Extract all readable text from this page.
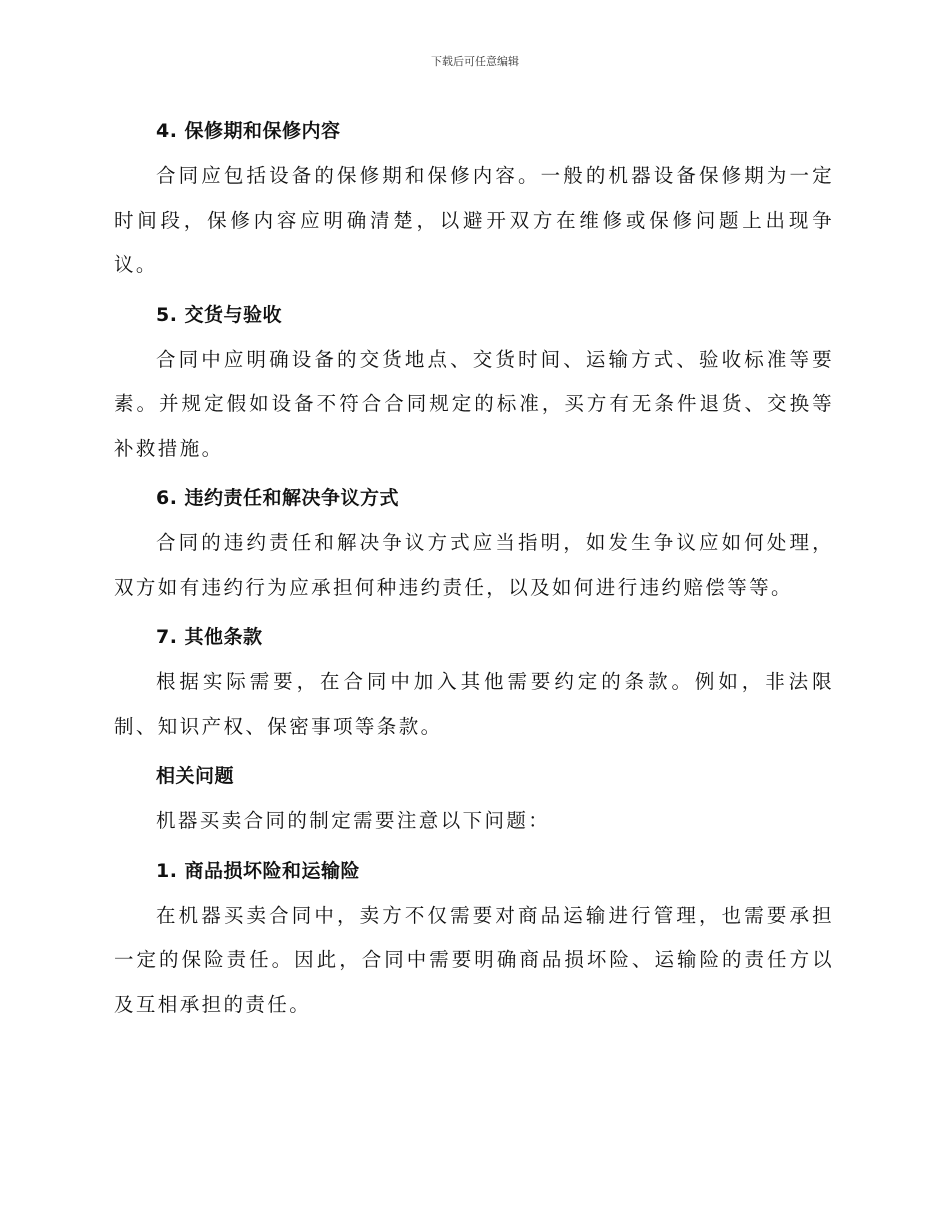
下载后可任意编辑

4. 保修期和保修内容

合同应包括设备的保修期和保修内容。一般的机器设备保修期为一定时间段，保修内容应明确清楚，以避开双方在维修或保修问题上出现争议。

5. 交货与验收

合同中应明确设备的交货地点、交货时间、运输方式、验收标准等要素。并规定假如设备不符合合同规定的标准，买方有无条件退货、交换等补救措施。

6. 违约责任和解决争议方式

合同的违约责任和解决争议方式应当指明，如发生争议应如何处理，双方如有违约行为应承担何种违约责任，以及如何进行违约赔偿等等。

7. 其他条款

根据实际需要，在合同中加入其他需要约定的条款。例如，非法限制、知识产权、保密事项等条款。

相关问题

机器买卖合同的制定需要注意以下问题：

1. 商品损坏险和运输险

在机器买卖合同中，卖方不仅需要对商品运输进行管理，也需要承担一定的保险责任。因此，合同中需要明确商品损坏险、运输险的责任方以及互相承担的责任。
